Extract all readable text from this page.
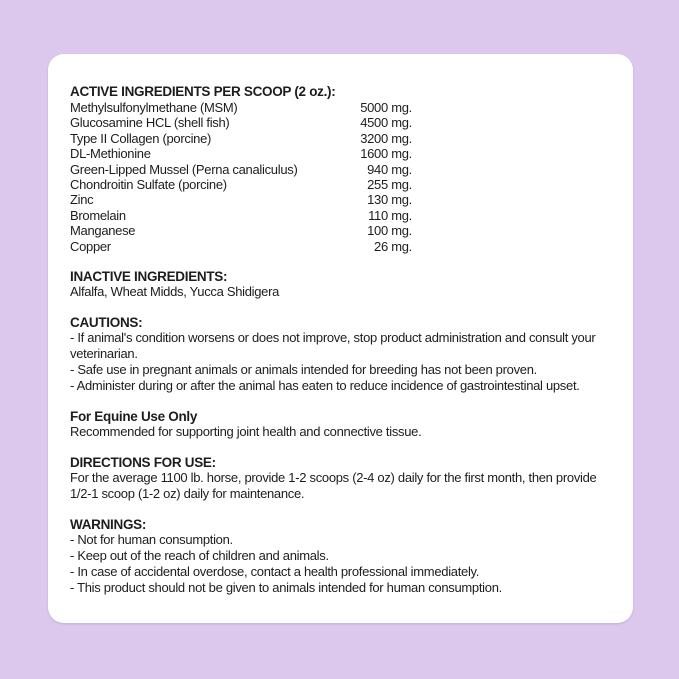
ACTIVE INGREDIENTS PER SCOOP (2 oz.):
Methylsulfonylmethane (MSM)	5000 mg.
Glucosamine HCL (shell fish)	4500 mg.
Type II Collagen (porcine)	3200 mg.
DL-Methionine	1600 mg.
Green-Lipped Mussel (Perna canaliculus)	940 mg.
Chondroitin Sulfate (porcine)	255 mg.
Zinc	130 mg.
Bromelain	110 mg.
Manganese	100 mg.
Copper	26 mg.
INACTIVE INGREDIENTS:

Alfalfa, Wheat Midds, Yucca Shidigera

CAUTIONS:

- If animal's condition worsens or does not improve, stop product administration and consult your veterinarian.

- Safe use in pregnant animals or animals intended for breeding has not been proven.

- Administer during or after the animal has eaten to reduce incidence of gastrointestinal upset.

For Equine Use Only

Recommended for supporting joint health and connective tissue.

DIRECTIONS FOR USE:

For the average 1100 lb. horse, provide 1-2 scoops (2-4 oz) daily for the first month, then provide 1/2-1 scoop (1-2 oz) daily for maintenance.

WARNINGS:

- Not for human consumption.

- Keep out of the reach of children and animals.

- In case of accidental overdose, contact a health professional immediately.

- This product should not be given to animals intended for human consumption.
